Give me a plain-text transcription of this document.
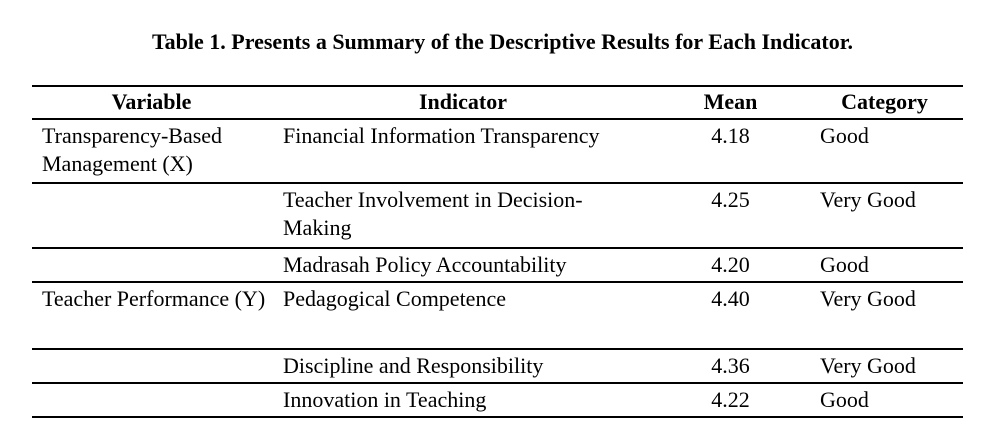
Table 1. Presents a Summary of the Descriptive Results for Each Indicator.
Variable	Indicator	Mean	Category
Transparency-Based Management (X)	Financial Information Transparency	4.18	Good
	Teacher Involvement in Decision-Making	4.25	Very Good
	Madrasah Policy Accountability	4.20	Good
Teacher Performance (Y)	Pedagogical Competence	4.40	Very Good
	Discipline and Responsibility	4.36	Very Good
	Innovation in Teaching	4.22	Good
